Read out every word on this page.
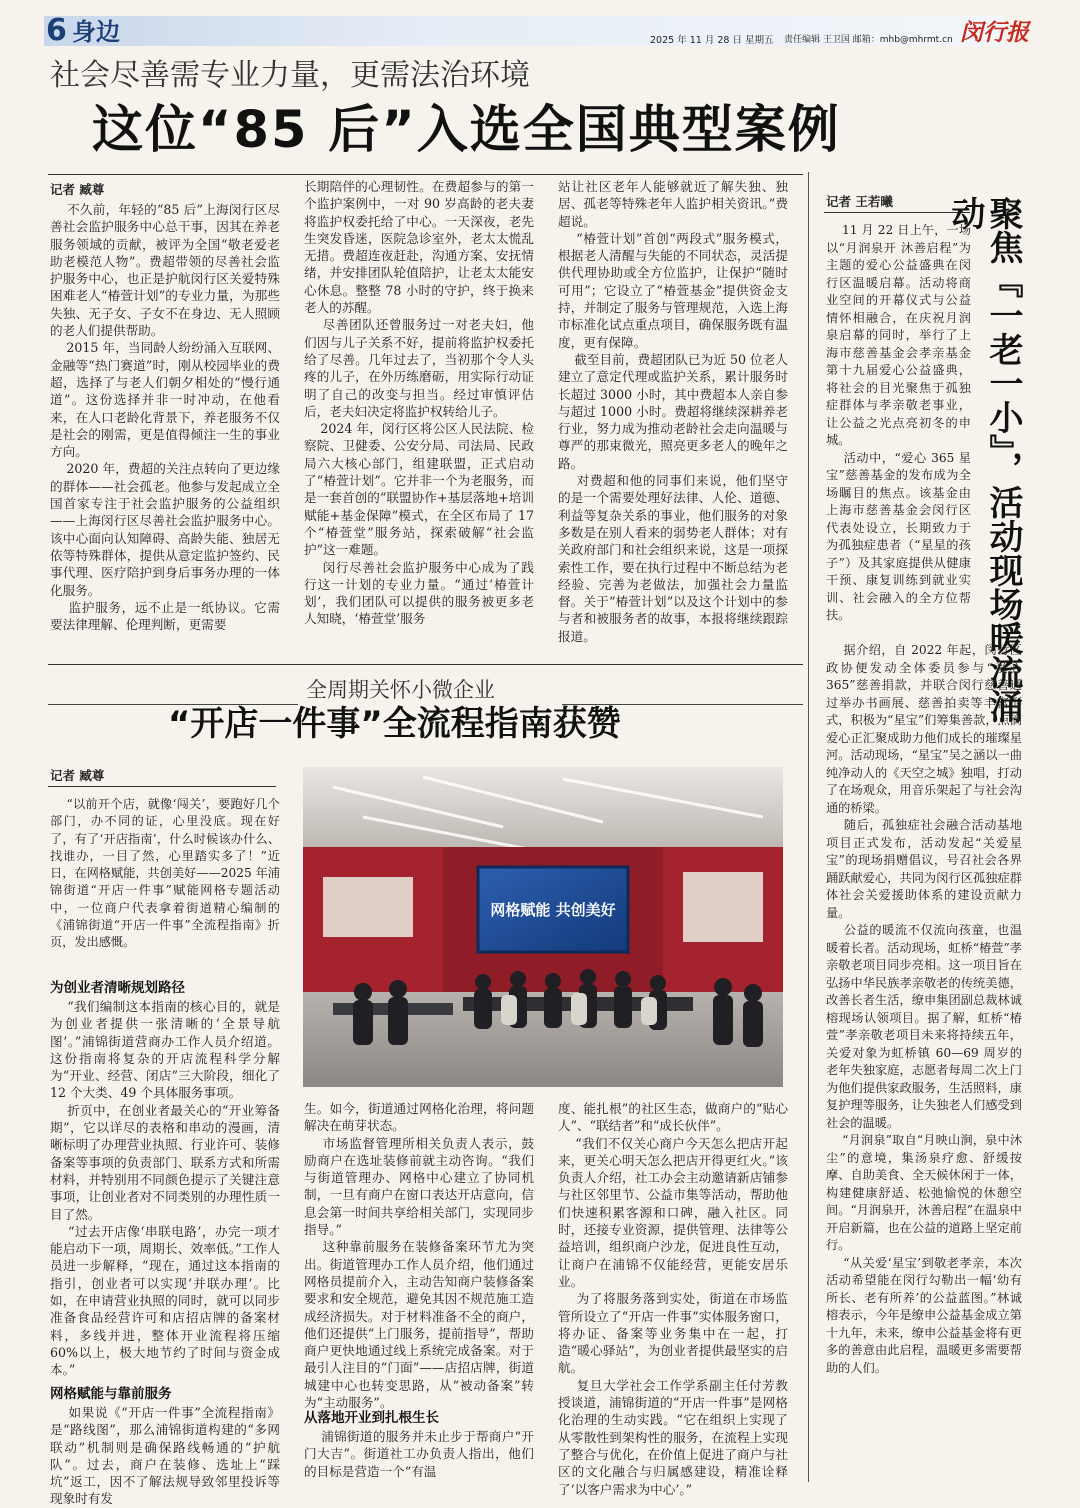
6 身边	2025 年 11 月 28 日 星期五 责任编辑 王卫国 邮箱：mhb@mhrmt.cn 闵行报
社会尽善需专业力量，更需法治环境
这位“85 后”入选全国典型案例
记者 臧尊
不久前，年轻的“85 后”上海闵行区尽善社会监护服务中心总干事，因其在养老服务领域的贡献，被评为全国“敬老爱老助老模范人物”。费超带领的尽善社会监护服务中心，也正是护航闵行区关爱特殊困难老人“椿萱计划”的专业力量，为那些失独、无子女、子女不在身边、无人照顾的老人们提供帮助。
2015 年，当同龄人纷纷涌入互联网、金融等“热门赛道”时，刚从校园毕业的费超，选择了与老人们朝夕相处的“慢行通道”。这份选择并非一时冲动，在他看来，在人口老龄化背景下，养老服务不仅是社会的刚需，更是值得倾注一生的事业方向。
2020 年，费超的关注点转向了更边缘的群体——社会孤老。他参与发起成立全国首家专注于社会监护服务的公益组织——上海闵行区尽善社会监护服务中心。该中心面向认知障碍、高龄失能、独居无依等特殊群体，提供从意定监护签约、民事代理、医疗陪护到身后事务办理的一体化服务。
监护服务，远不止是一纸协议。它需要法律理解、伦理判断，更需要
长期陪伴的心理韧性。在费超参与的第一个监护案例中，一对 90 岁高龄的老夫妻将监护权委托给了中心。一天深夜，老先生突发昏迷，医院急诊室外，老太太慌乱无措。费超连夜赶赴，沟通方案、安抚情绪，并安排团队轮值陪护，让老太太能安心休息。整整 78 小时的守护，终于换来老人的苏醒。
尽善团队还曾服务过一对老夫妇，他们因与儿子关系不好，提前将监护权委托给了尽善。几年过去了，当初那个令人头疼的儿子，在外历练磨砺，用实际行动证明了自己的改变与担当。经过审慎评估后，老夫妇决定将监护权转给儿子。
2024 年，闵行区将公区人民法院、检察院、卫健委、公安分局、司法局、民政局六大核心部门，组建联盟，正式启动了“椿萱计划”。它并非一个为老服务，而是一套首创的“联盟协作+基层落地+培训赋能+基金保障”模式，在全区布局了 17 个“椿萱堂”服务站，探索破解“社会监护”这一难题。
闵行尽善社会监护服务中心成为了践行这一计划的专业力量。“通过‘椿萱计划’，我们团队可以提供的服务被更多老人知晓，‘椿萱堂’服务
站让社区老年人能够就近了解失独、独居、孤老等特殊老年人监护相关资讯。”费超说。
“椿萱计划”首创“两段式”服务模式，根据老人清醒与失能的不同状态，灵活提供代理协助或全方位监护，让保护“随时可用”；它设立了“椿萱基金”提供资金支持，并制定了服务与管理规范，入选上海市标准化试点重点项目，确保服务既有温度，更有保障。
截至目前，费超团队已为近 50 位老人建立了意定代理或监护关系，累计服务时长超过 3000 小时，其中费超本人亲自参与超过 1000 小时。费超将继续深耕养老行业，努力成为推动老龄社会走向温暖与尊严的那束微光，照亮更多老人的晚年之路。
对费超和他的同事们来说，他们坚守的是一个需要处理好法律、人伦、道德、利益等复杂关系的事业，他们服务的对象多数是在别人看来的弱势老人群体；对有关政府部门和社会组织来说，这是一项探索性工作，要在执行过程中不断总结为老经验、完善为老做法，加强社会力量监督。关于“椿萱计划”以及这个计划中的参与者和被服务者的故事，本报将继续跟踪报道。
记者 王若曦
11 月 22 日上午，一场以“月润泉开 沐善启程”为主题的爱心公益盛典在闵行区温暖启幕。活动将商业空间的开幕仪式与公益情怀相融合，在庆祝月润泉启幕的同时，举行了上海市慈善基金会孝亲基金第十九届爱心公益盛典，将社会的目光聚焦于孤独症群体与孝亲敬老事业，让公益之光点亮初冬的申城。
活动中，“爱心 365 星宝”慈善基金的发布成为全场瞩目的焦点。该基金由上海市慈善基金会闵行区代表处设立，长期致力于为孤独症患者（“星星的孩子”）及其家庭提供从健康干预、康复训练到就业实训、社会融入的全方位帮扶。	聚焦『一老一小』，活动现场暖流涌动
据介绍，自 2022 年起，闵行区政协便发动全体委员参与“爱心 365”慈善捐款，并联合闵行慈善通过举办书画展、慈善拍卖等丰富形式，积极为“星宝”们筹集善款，点滴爱心正汇聚成助力他们成长的璀璨星河。活动现场，“星宝”吴之涵以一曲纯净动人的《天空之城》独唱，打动了在场观众，用音乐架起了与社会沟通的桥梁。
随后，孤独症社会融合活动基地项目正式发布，活动发起“关爱星宝”的现场捐赠倡议，号召社会各界踊跃献爱心，共同为闵行区孤独症群体社会关爱援助体系的建设贡献力量。
公益的暖流不仅流向孩童，也温暖着长者。活动现场，虹桥“椿萱”孝亲敬老项目同步亮相。这一项目旨在弘扬中华民族孝亲敬老的传统美德，改善长者生活，缭申集团副总裁林诚榕现场认领项目。据了解，虹桥“椿萱”孝亲敬老项目未来将持续五年，关爱对象为虹桥镇 60—69 周岁的老年失独家庭，志愿者每周二次上门为他们提供家政服务，生活照料，康复护理等服务，让失独老人们感受到社会的温暖。
“月润泉”取自“月映山涧，泉中沐尘”的意境，集汤泉疗愈、舒缓按摩、自助美食、全天候休闲于一体，构建健康舒适、松弛愉悦的休憩空间。“月润泉开，沐善启程”在温泉中开启新篇，也在公益的道路上坚定前行。
“从关爱‘星宝’到敬老孝亲，本次活动希望能在闵行勾勒出一幅‘幼有所长、老有所养’的公益蓝图。”林诚榕表示，今年是缭申公益基金成立第十九年，未来，缭申公益基金将有更多的善意由此启程，温暖更多需要帮助的人们。
全周期关怀小微企业
“开店一件事”全流程指南获赞
记者 臧尊
“以前开个店，就像‘闯关’，要跑好几个部门，办不同的证，心里没底。现在好了，有了‘开店指南’，什么时候该办什么、找谁办，一目了然，心里踏实多了！”近日，在网格赋能，共创美好——2025 年浦锦街道“开店一件事”赋能网格专题活动中，一位商户代表拿着街道精心编制的《浦锦街道“开店一件事”全流程指南》折页，发出感慨。
为创业者清晰规划路径
“我们编制这本指南的核心目的，就是为创业者提供一张清晰的‘全景导航图’。”浦锦街道营商办工作人员介绍道。这份指南将复杂的开店流程科学分解为“开业、经营、闭店”三大阶段，细化了 12 个大类、49 个具体服务事项。
折页中，在创业者最关心的“开业筹备期”，它以详尽的表格和串动的漫画，清晰标明了办理营业执照、行业许可、装修备案等事项的负责部门、联系方式和所需材料，并特别用不同颜色提示了关键注意事项，让创业者对不同类别的办理性质一目了然。
“过去开店像‘串联电路’，办完一项才能启动下一项，周期长、效率低。”工作人员进一步解释，“现在，通过这本指南的指引，创业者可以实现‘并联办理’。比如，在申请营业执照的同时，就可以同步准备食品经营许可和店招店牌的备案材料，多线并进，整体开业流程将压缩 60%以上，极大地节约了时间与资金成本。”
网格赋能与靠前服务
如果说《“开店一件事”全流程指南》是“路线图”，那么浦锦街道构建的“多网联动”机制则是确保路线畅通的“护航队”。过去，商户在装修、选址上“踩坑”返工，因不了解法规导致邻里投诉等现象时有发
网格赋能 共创美好
生。如今，街道通过网格化治理，将问题解决在萌芽状态。
市场监督管理所相关负责人表示，鼓励商户在选址装修前就主动咨询。“我们与街道管理办、网格中心建立了协同机制，一旦有商户在窗口表达开店意向，信息会第一时间共享给相关部门，实现同步指导。”
这种靠前服务在装修备案环节尤为突出。街道管理办工作人员介绍，他们通过网格员提前介入，主动告知商户装修备案要求和安全规范，避免其因不规范施工造成经济损失。对于材料准备不全的商户，他们还提供“上门服务，提前指导”，帮助商户更快地通过线上系统完成备案。对于最引人注目的“门面”——店招店牌，街道城建中心也转变思路，从“被动备案”转为“主动服务”。
从落地开业到扎根生长
浦锦街道的服务并未止步于帮商户“开门大吉”。街道社工办负责人指出，他们的目标是营造一个“有温
度、能扎根”的社区生态，做商户的“贴心人”、“联结者”和“成长伙伴”。
“我们不仅关心商户今天怎么把店开起来，更关心明天怎么把店开得更红火。”该负责人介绍，社工办会主动邀请新店铺参与社区邻里节、公益市集等活动，帮助他们快速积累客源和口碑，融入社区。同时，还接专业资源，提供管理、法律等公益培训，组织商户沙龙，促进良性互动，让商户在浦锦不仅能经营，更能安居乐业。
为了将服务落到实处，街道在市场监管所设立了“开店一件事”实体服务窗口，将办证、备案等业务集中在一起，打造“暖心驿站”，为创业者提供最坚实的启航。
复旦大学社会工作学系副主任付芳教授谈道，浦锦街道的“开店一件事”是网格化治理的生动实践。“它在组织上实现了从零散性到架构性的服务，在流程上实现了整合与优化，在价值上促进了商户与社区的文化融合与归属感建设，精准诠释了‘以客户需求为中心’。”
